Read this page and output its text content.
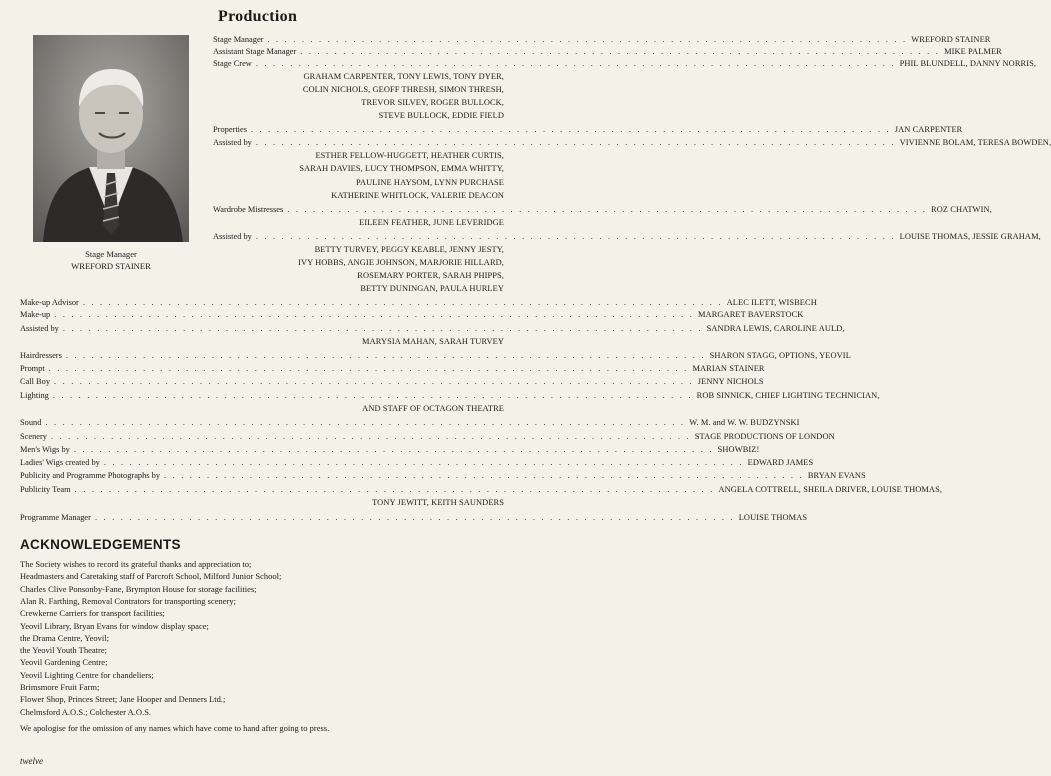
Production
Stage Manager
WREFORD STAINER
Stage Manager . . . . . . . . . . . . . . . . . . . . . . . . . . . . . . . . . . . . . . . . . . . . . . . . . . . . . . . . . . . . . . . . . . . . . . . . . . . WREFORD STAINER
Assistant Stage Manager . . . . . . . . . . . . . . . . . . . . . . . . . . . . . . . . . . . . . . . . . . . . . . . . . . . . . . . . . . . . . . . . . . . . . . . . . . . MIKE PALMER
Stage Crew . . . . . . . . . . . . . . . . . . . . . . . . . . . . . . . . . . . . . . . . . . . . . . . . . . . . . . . . . . . . . . . . . . . . . . . . . . . PHIL BLUNDELL, DANNY NORRIS,
GRAHAM CARPENTER, TONY LEWIS, TONY DYER,
COLIN NICHOLS, GEOFF THRESH, SIMON THRESH,
TREVOR SILVEY, ROGER BULLOCK,
STEVE BULLOCK, EDDIE FIELD
Properties . . . . . . . . . . . . . . . . . . . . . . . . . . . . . . . . . . . . . . . . . . . . . . . . . . . . . . . . . . . . . . . . . . . . . . . . . . . JAN CARPENTER
Assisted by . . . . . . . . . . . . . . . . . . . . . . . . . . . . . . . . . . . . . . . . . . . . . . . . . . . . . . . . . . . . . . . . . . . . . . . . . . . VIVIENNE BOLAM, TERESA BOWDEN,
ESTHER FELLOW-HUGGETT, HEATHER CURTIS,
SARAH DAVIES, LUCY THOMPSON, EMMA WHITTY,
PAULINE HAYSOM, LYNN PURCHASE
KATHERINE WHITLOCK, VALERIE DEACON
Wardrobe Mistresses . . . . . . . . . . . . . . . . . . . . . . . . . . . . . . . . . . . . . . . . . . . . . . . . . . . . . . . . . . . . . . . . . . . . . . . . . . . ROZ CHATWIN,
EILEEN FEATHER, JUNE LEVERIDGE
Assisted by . . . . . . . . . . . . . . . . . . . . . . . . . . . . . . . . . . . . . . . . . . . . . . . . . . . . . . . . . . . . . . . . . . . . . . . . . . . LOUISE THOMAS, JESSIE GRAHAM,
BETTY TURVEY, PEGGY KEABLE, JENNY JESTY,
IVY HOBBS, ANGIE JOHNSON, MARJORIE HILLARD,
ROSEMARY PORTER, SARAH PHIPPS,
BETTY DUNINGAN, PAULA HURLEY
Make-up Advisor . . . . . . . . . . . . . . . . . . . . . . . . . . . . . . . . . . . . . . . . . . . . . . . . . . . . . . . . . . . . . . . . . . . . . . . . . . . ALEC ILETT, WISBECH
Make-up . . . . . . . . . . . . . . . . . . . . . . . . . . . . . . . . . . . . . . . . . . . . . . . . . . . . . . . . . . . . . . . . . . . . . . . . . . . MARGARET BAVERSTOCK
Assisted by . . . . . . . . . . . . . . . . . . . . . . . . . . . . . . . . . . . . . . . . . . . . . . . . . . . . . . . . . . . . . . . . . . . . . . . . . . . SANDRA LEWIS, CAROLINE AULD,
MARYSIA MAHAN, SARAH TURVEY
Hairdressers . . . . . . . . . . . . . . . . . . . . . . . . . . . . . . . . . . . . . . . . . . . . . . . . . . . . . . . . . . . . . . . . . . . . . . . . . . . SHARON STAGG, OPTIONS, YEOVIL
Prompt . . . . . . . . . . . . . . . . . . . . . . . . . . . . . . . . . . . . . . . . . . . . . . . . . . . . . . . . . . . . . . . . . . . . . . . . . . . MARIAN STAINER
Call Boy . . . . . . . . . . . . . . . . . . . . . . . . . . . . . . . . . . . . . . . . . . . . . . . . . . . . . . . . . . . . . . . . . . . . . . . . . . . JENNY NICHOLS
Lighting . . . . . . . . . . . . . . . . . . . . . . . . . . . . . . . . . . . . . . . . . . . . . . . . . . . . . . . . . . . . . . . . . . . . . . . . . . . ROB SINNICK, CHIEF LIGHTING TECHNICIAN,
AND STAFF OF OCTAGON THEATRE
Sound . . . . . . . . . . . . . . . . . . . . . . . . . . . . . . . . . . . . . . . . . . . . . . . . . . . . . . . . . . . . . . . . . . . . . . . . . . . W. M. and W. W. BUDZYNSKI
Scenery . . . . . . . . . . . . . . . . . . . . . . . . . . . . . . . . . . . . . . . . . . . . . . . . . . . . . . . . . . . . . . . . . . . . . . . . . . . STAGE PRODUCTIONS OF LONDON
Men's Wigs by . . . . . . . . . . . . . . . . . . . . . . . . . . . . . . . . . . . . . . . . . . . . . . . . . . . . . . . . . . . . . . . . . . . . . . . . . . . SHOWBIZ!
Ladies' Wigs created by . . . . . . . . . . . . . . . . . . . . . . . . . . . . . . . . . . . . . . . . . . . . . . . . . . . . . . . . . . . . . . . . . . . . . . . . . . . EDWARD JAMES
Publicity and Programme Photographs by . . . . . . . . . . . . . . . . . . . . . . . . . . . . . . . . . . . . . . . . . . . . . . . . . . . . . . . . . . . . . . . . . . . . . . . . . . . BRYAN EVANS
Publicity Team . . . . . . . . . . . . . . . . . . . . . . . . . . . . . . . . . . . . . . . . . . . . . . . . . . . . . . . . . . . . . . . . . . . . . . . . . . . ANGELA COTTRELL, SHEILA DRIVER, LOUISE THOMAS,
TONY JEWITT, KEITH SAUNDERS
Programme Manager . . . . . . . . . . . . . . . . . . . . . . . . . . . . . . . . . . . . . . . . . . . . . . . . . . . . . . . . . . . . . . . . . . . . . . . . . . . LOUISE THOMAS
ACKNOWLEDGEMENTS
The Society wishes to record its grateful thanks and appreciation to;
Headmasters and Caretaking staff of Parcroft School, Milford Junior School;
Charles Clive Ponsonby-Fane, Brympton House for storage facilities;
Alan R. Farthing, Removal Contrators for transporting scenery;
Crewkerne Carriers for transport facilities;
Yeovil Library, Bryan Evans for window display space;
the Drama Centre, Yeovil;
the Yeovil Youth Theatre;
Yeovil Gardening Centre;
Yeovil Lighting Centre for chandeliers;
Brimsmore Fruit Farm;
Flower Shop, Princes Street; Jane Hooper and Denners Ltd.;
Chelmsford A.O.S.; Colchester A.O.S.
We apologise for the omission of any names which have come to hand after going to press.
twelve
